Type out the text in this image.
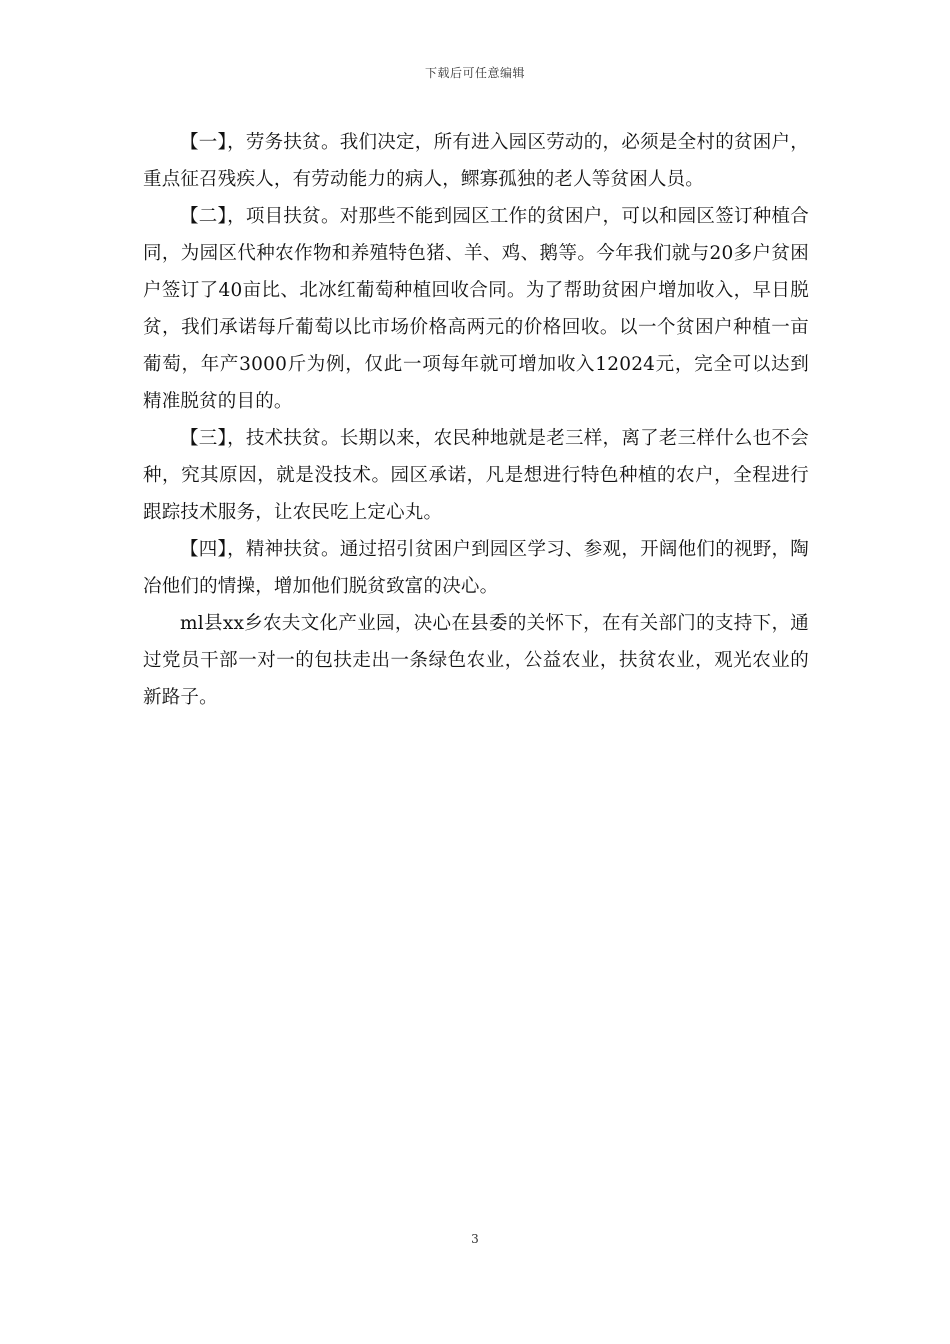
下载后可任意编辑

【一】，劳务扶贫。我们决定，所有进入园区劳动的，必须是全村的贫困户，重点征召残疾人，有劳动能力的病人，鳏寡孤独的老人等贫困人员。

【二】，项目扶贫。对那些不能到园区工作的贫困户，可以和园区签订种植合同，为园区代种农作物和养殖特色猪、羊、鸡、鹅等。今年我们就与20多户贫困户签订了40亩比、北冰红葡萄种植回收合同。为了帮助贫困户增加收入，早日脱贫，我们承诺每斤葡萄以比市场价格高两元的价格回收。以一个贫困户种植一亩葡萄，年产3000斤为例，仅此一项每年就可增加收入12024元，完全可以达到精准脱贫的目的。

【三】，技术扶贫。长期以来，农民种地就是老三样，离了老三样什么也不会种，究其原因，就是没技术。园区承诺，凡是想进行特色种植的农户，全程进行跟踪技术服务，让农民吃上定心丸。

【四】，精神扶贫。通过招引贫困户到园区学习、参观，开阔他们的视野，陶冶他们的情操，增加他们脱贫致富的决心。

ml县xx乡农夫文化产业园，决心在县委的关怀下，在有关部门的支持下，通过党员干部一对一的包扶走出一条绿色农业，公益农业，扶贫农业，观光农业的新路子。

3
